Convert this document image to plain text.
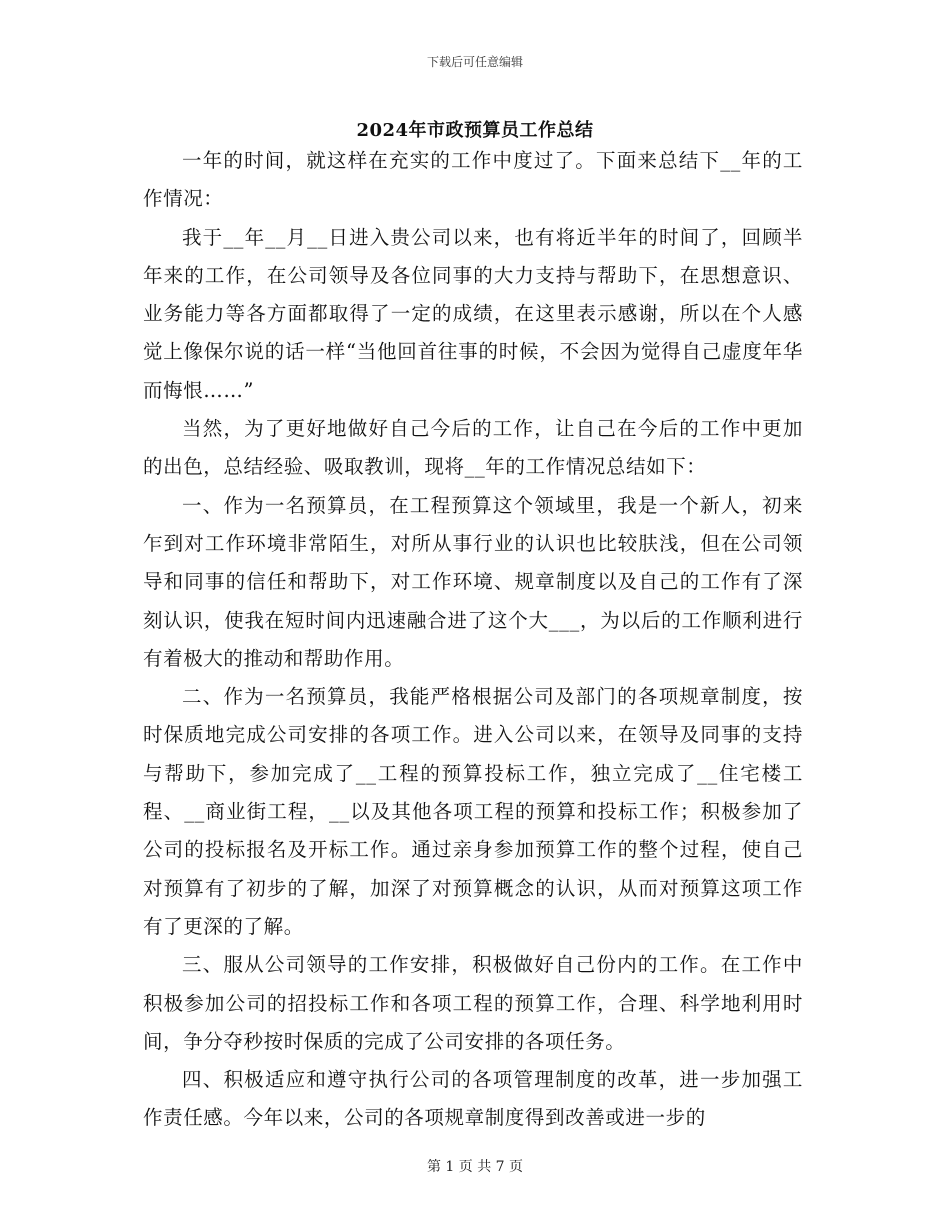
下载后可任意编辑
2024年市政预算员工作总结

一年的时间，就这样在充实的工作中度过了。下面来总结下__年的工作情况：

我于__年__月__日进入贵公司以来，也有将近半年的时间了，回顾半年来的工作，在公司领导及各位同事的大力支持与帮助下，在思想意识、业务能力等各方面都取得了一定的成绩，在这里表示感谢，所以在个人感觉上像保尔说的话一样“当他回首往事的时候，不会因为觉得自己虚度年华而悔恨……”

当然，为了更好地做好自己今后的工作，让自己在今后的工作中更加的出色，总结经验、吸取教训，现将__年的工作情况总结如下：

一、作为一名预算员，在工程预算这个领域里，我是一个新人，初来乍到对工作环境非常陌生，对所从事行业的认识也比较肤浅，但在公司领导和同事的信任和帮助下，对工作环境、规章制度以及自己的工作有了深刻认识，使我在短时间内迅速融合进了这个大___，为以后的工作顺利进行有着极大的推动和帮助作用。

二、作为一名预算员，我能严格根据公司及部门的各项规章制度，按时保质地完成公司安排的各项工作。进入公司以来，在领导及同事的支持与帮助下，参加完成了__工程的预算投标工作，独立完成了__住宅楼工程、__商业街工程，__以及其他各项工程的预算和投标工作；积极参加了公司的投标报名及开标工作。通过亲身参加预算工作的整个过程，使自己对预算有了初步的了解，加深了对预算概念的认识，从而对预算这项工作有了更深的了解。

三、服从公司领导的工作安排，积极做好自己份内的工作。在工作中积极参加公司的招投标工作和各项工程的预算工作，合理、科学地利用时间，争分夺秒按时保质的完成了公司安排的各项任务。

四、积极适应和遵守执行公司的各项管理制度的改革，进一步加强工作责任感。今年以来，公司的各项规章制度得到改善或进一步的

第 1 页 共 7 页
